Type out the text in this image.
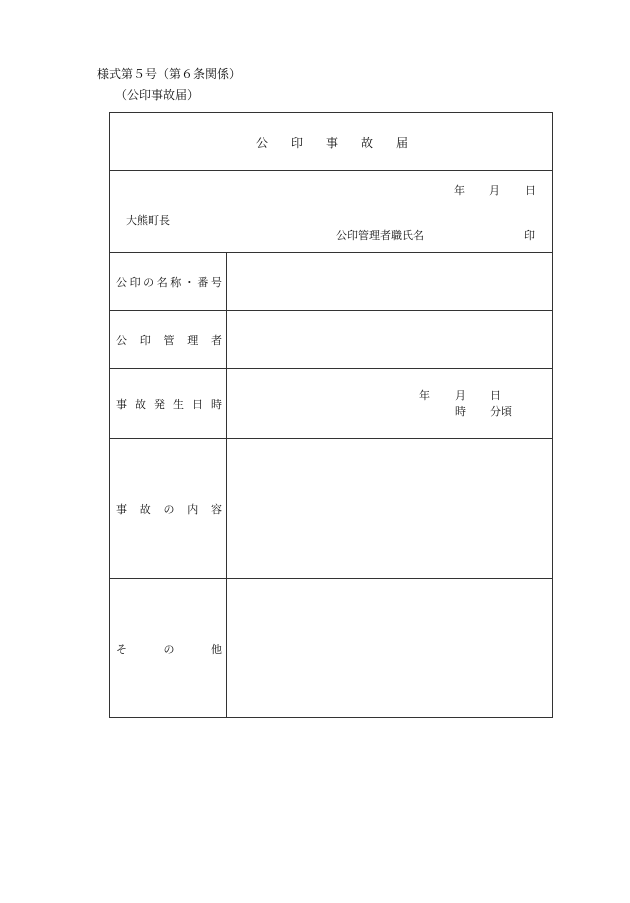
様式第５号（第６条関係）
（公印事故届）
公 印 事 故 届
年 月 日
大熊町長
公印管理者職氏名	印
公 印 の 名 称 ・ 番 号
公 印 管 理 者
事 故 発 生 日 時
年 月 日
時 分頃
事 故 の 内 容
そ	の	他
